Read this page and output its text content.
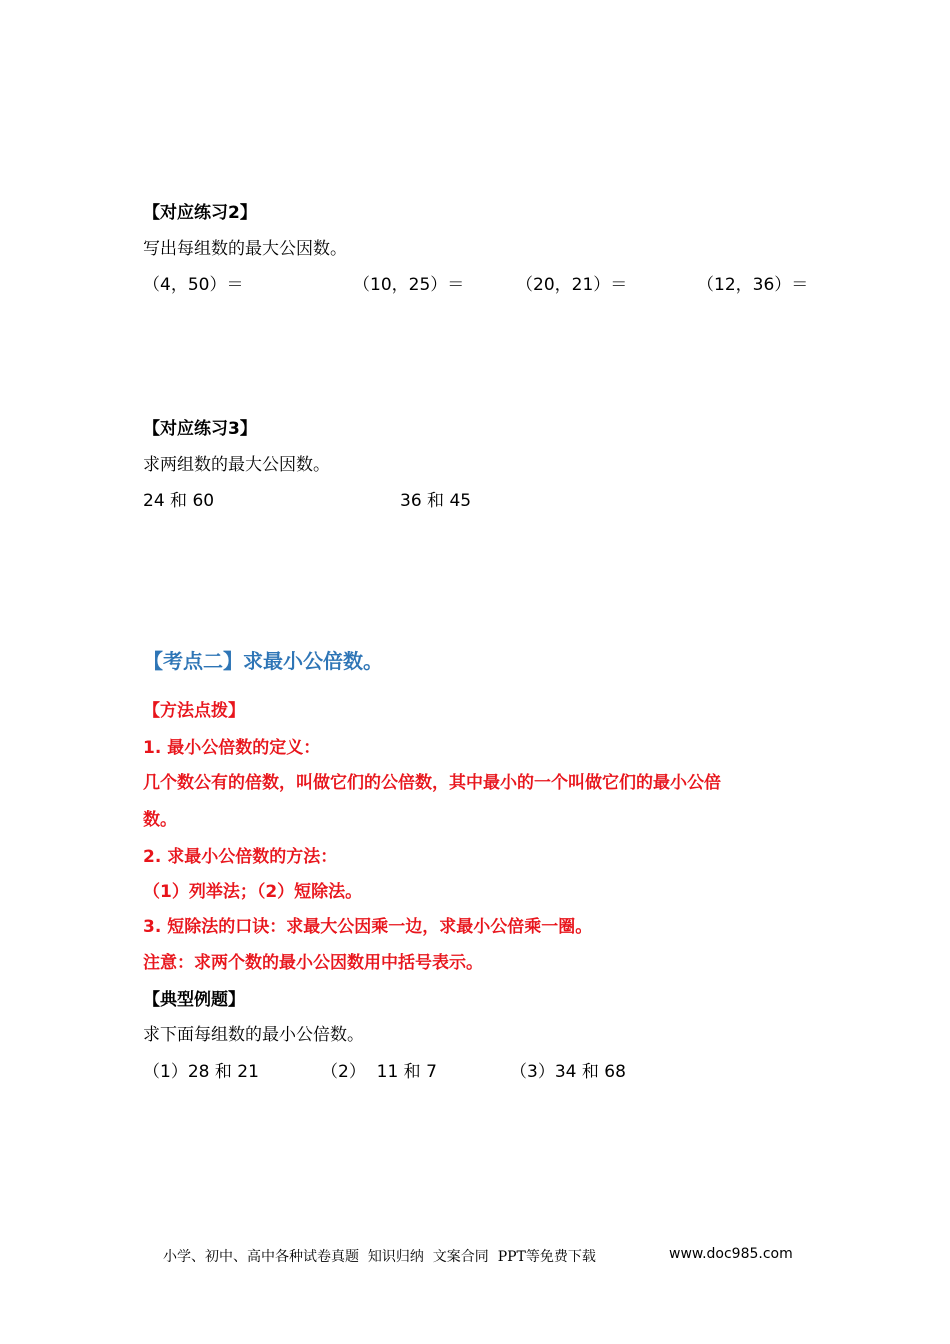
【对应练习2】
写出每组数的最大公因数。
（4，50）＝	（10，25）＝	（20，21）＝	（12，36）＝
【对应练习3】
求两组数的最大公因数。
24 和 60	36 和 45
【考点二】求最小公倍数。
【方法点拨】
1. 最小公倍数的定义：
几个数公有的倍数，叫做它们的公倍数，其中最小的一个叫做它们的最小公倍
数。
2. 求最小公倍数的方法：
（1）列举法；（2）短除法。
3. 短除法的口诀：求最大公因乘一边，求最小公倍乘一圈。
注意：求两个数的最小公因数用中括号表示。
【典型例题】
求下面每组数的最小公倍数。
（1）28 和 21	（2）  11 和 7	（3）34 和 68
小学、初中、高中各种试卷真题  知识归纳  文案合同  PPT等免费下载	www.doc985.com
